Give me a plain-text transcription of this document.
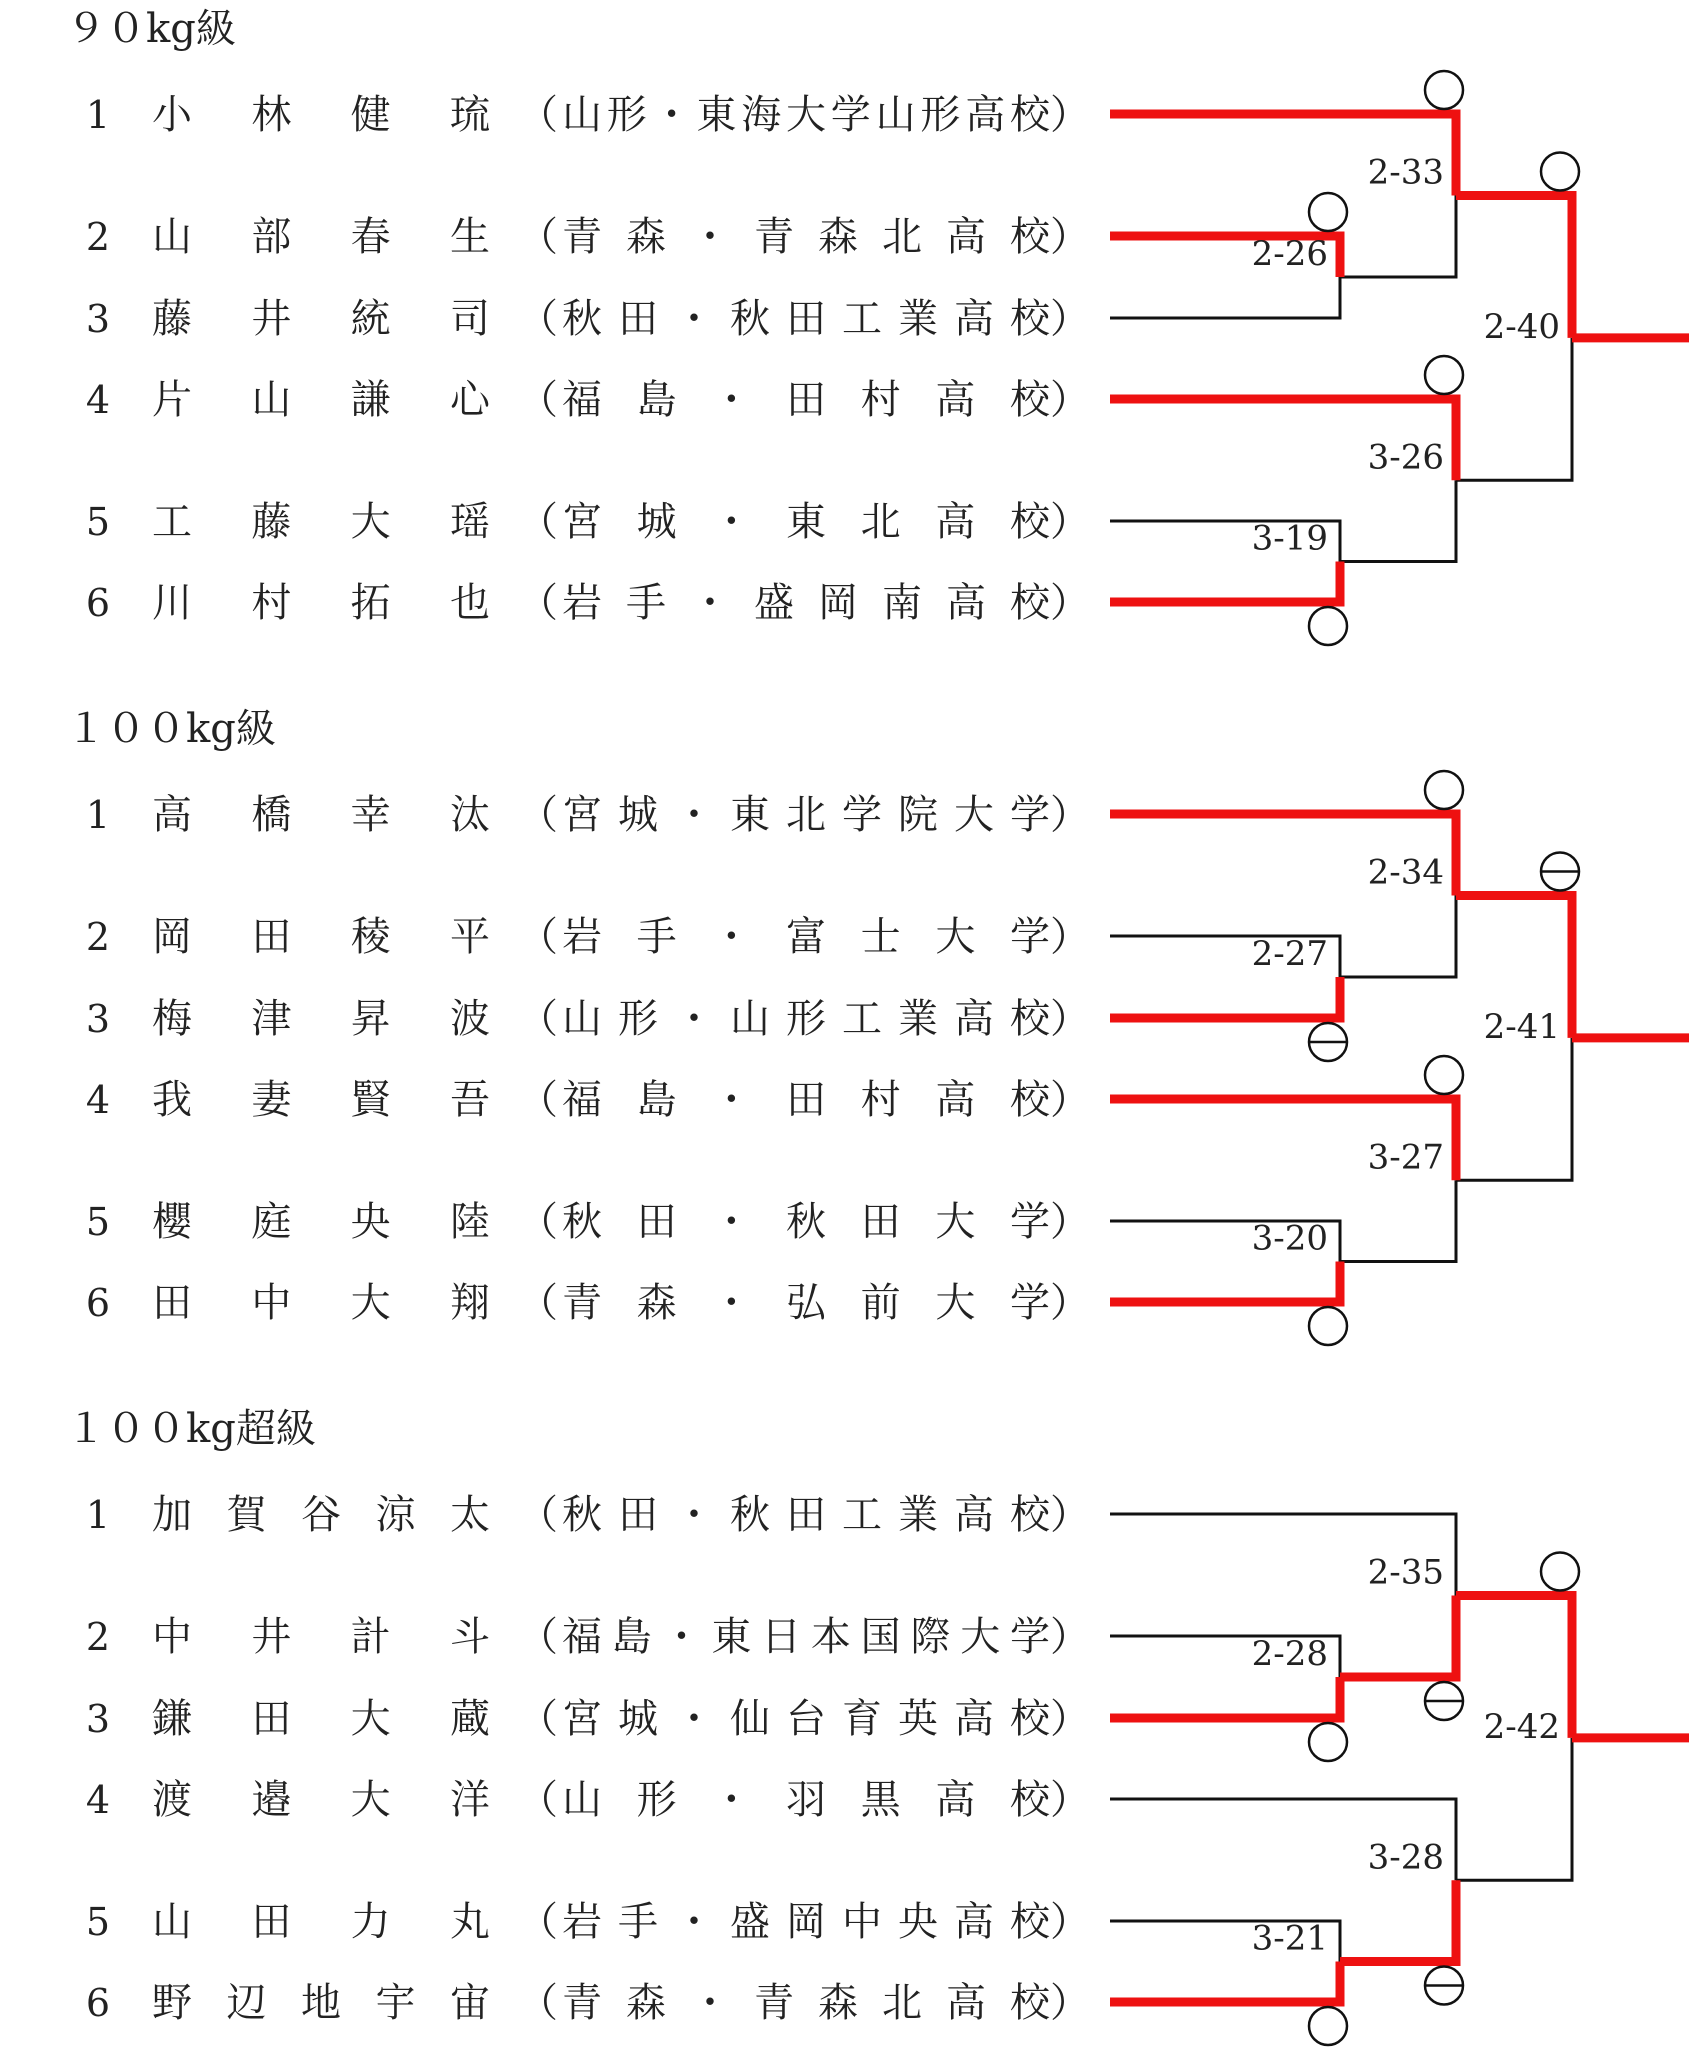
９０kg級
1 小 林 健 琉 （ 山 形 ・ 東 海 大 学 山 形 高 校 ）
2 山 部 春 生 （ 青 森 ・ 青 森 北 高 校 ）
3 藤 井 統 司 （ 秋 田 ・ 秋 田 工 業 高 校 ）
4 片 山 謙 心 （ 福 島 ・ 田 村 高 校 ）
5 工 藤 大 瑶 （ 宮 城 ・ 東 北 高 校 ）
6 川 村 拓 也 （ 岩 手 ・ 盛 岡 南 高 校 ）
2-26
3-19
2-33
3-26
2-40
１００kg級
1 高 橋 幸 汰 （ 宮 城 ・ 東 北 学 院 大 学 ）
2 岡 田 稜 平 （ 岩 手 ・ 富 士 大 学 ）
3 梅 津 昇 波 （ 山 形 ・ 山 形 工 業 高 校 ）
4 我 妻 賢 吾 （ 福 島 ・ 田 村 高 校 ）
5 櫻 庭 央 陸 （ 秋 田 ・ 秋 田 大 学 ）
6 田 中 大 翔 （ 青 森 ・ 弘 前 大 学 ）
2-27
3-20
2-34
3-27
2-41
１００kg超級
1 加 賀 谷 涼 太 （ 秋 田 ・ 秋 田 工 業 高 校 ）
2 中 井 計 斗 （ 福 島 ・ 東 日 本 国 際 大 学 ）
3 鎌 田 大 蔵 （ 宮 城 ・ 仙 台 育 英 高 校 ）
4 渡 邉 大 洋 （ 山 形 ・ 羽 黒 高 校 ）
5 山 田 力 丸 （ 岩 手 ・ 盛 岡 中 央 高 校 ）
6 野 辺 地 宇 宙 （ 青 森 ・ 青 森 北 高 校 ）
2-28
3-21
2-35
3-28
2-42
